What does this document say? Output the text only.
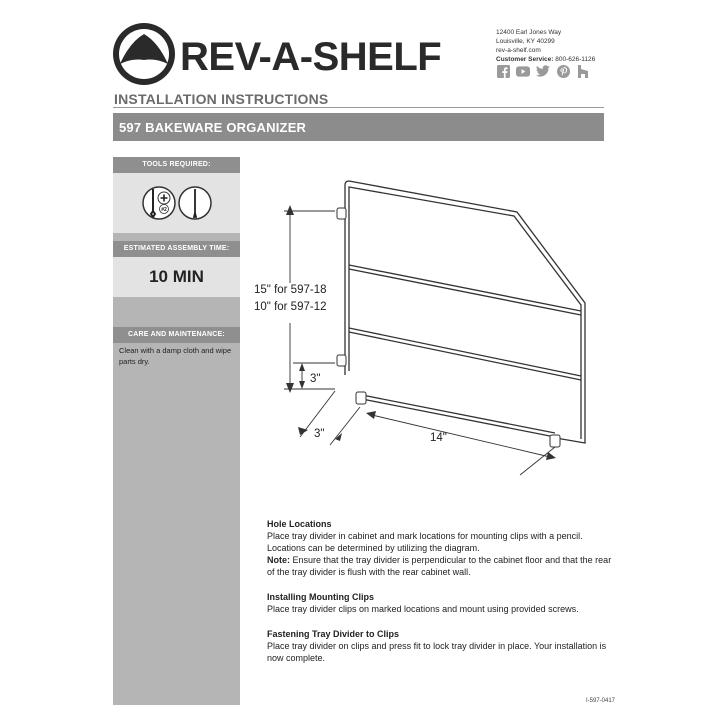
REV-A-SHELF
12400 Earl Jones Way
Louisville, KY 40299
rev-a-shelf.com
Customer Service: 800-626-1126
INSTALLATION INSTRUCTIONS
597 BAKEWARE ORGANIZER
TOOLS REQUIRED:
#2
ESTIMATED ASSEMBLY TIME:
10 MIN
CARE AND MAINTENANCE:
Clean with a damp cloth and wipe parts dry.
15" for 597-18
10" for 597-12
3"
3"	14"

Hole Locations

Place tray divider in cabinet and mark locations for mounting clips with a pencil. Locations can be determined by utilizing the diagram.

Note: Ensure that the tray divider is perpendicular to the cabinet floor and that the rear of the tray divider is flush with the rear cabinet wall.

Installing Mounting Clips

Place tray divider clips on marked locations and mount using provided screws.

Fastening Tray Divider to Clips

Place tray divider on clips and press fit to lock tray divider in place. Your installation is now complete.

I-597-0417
